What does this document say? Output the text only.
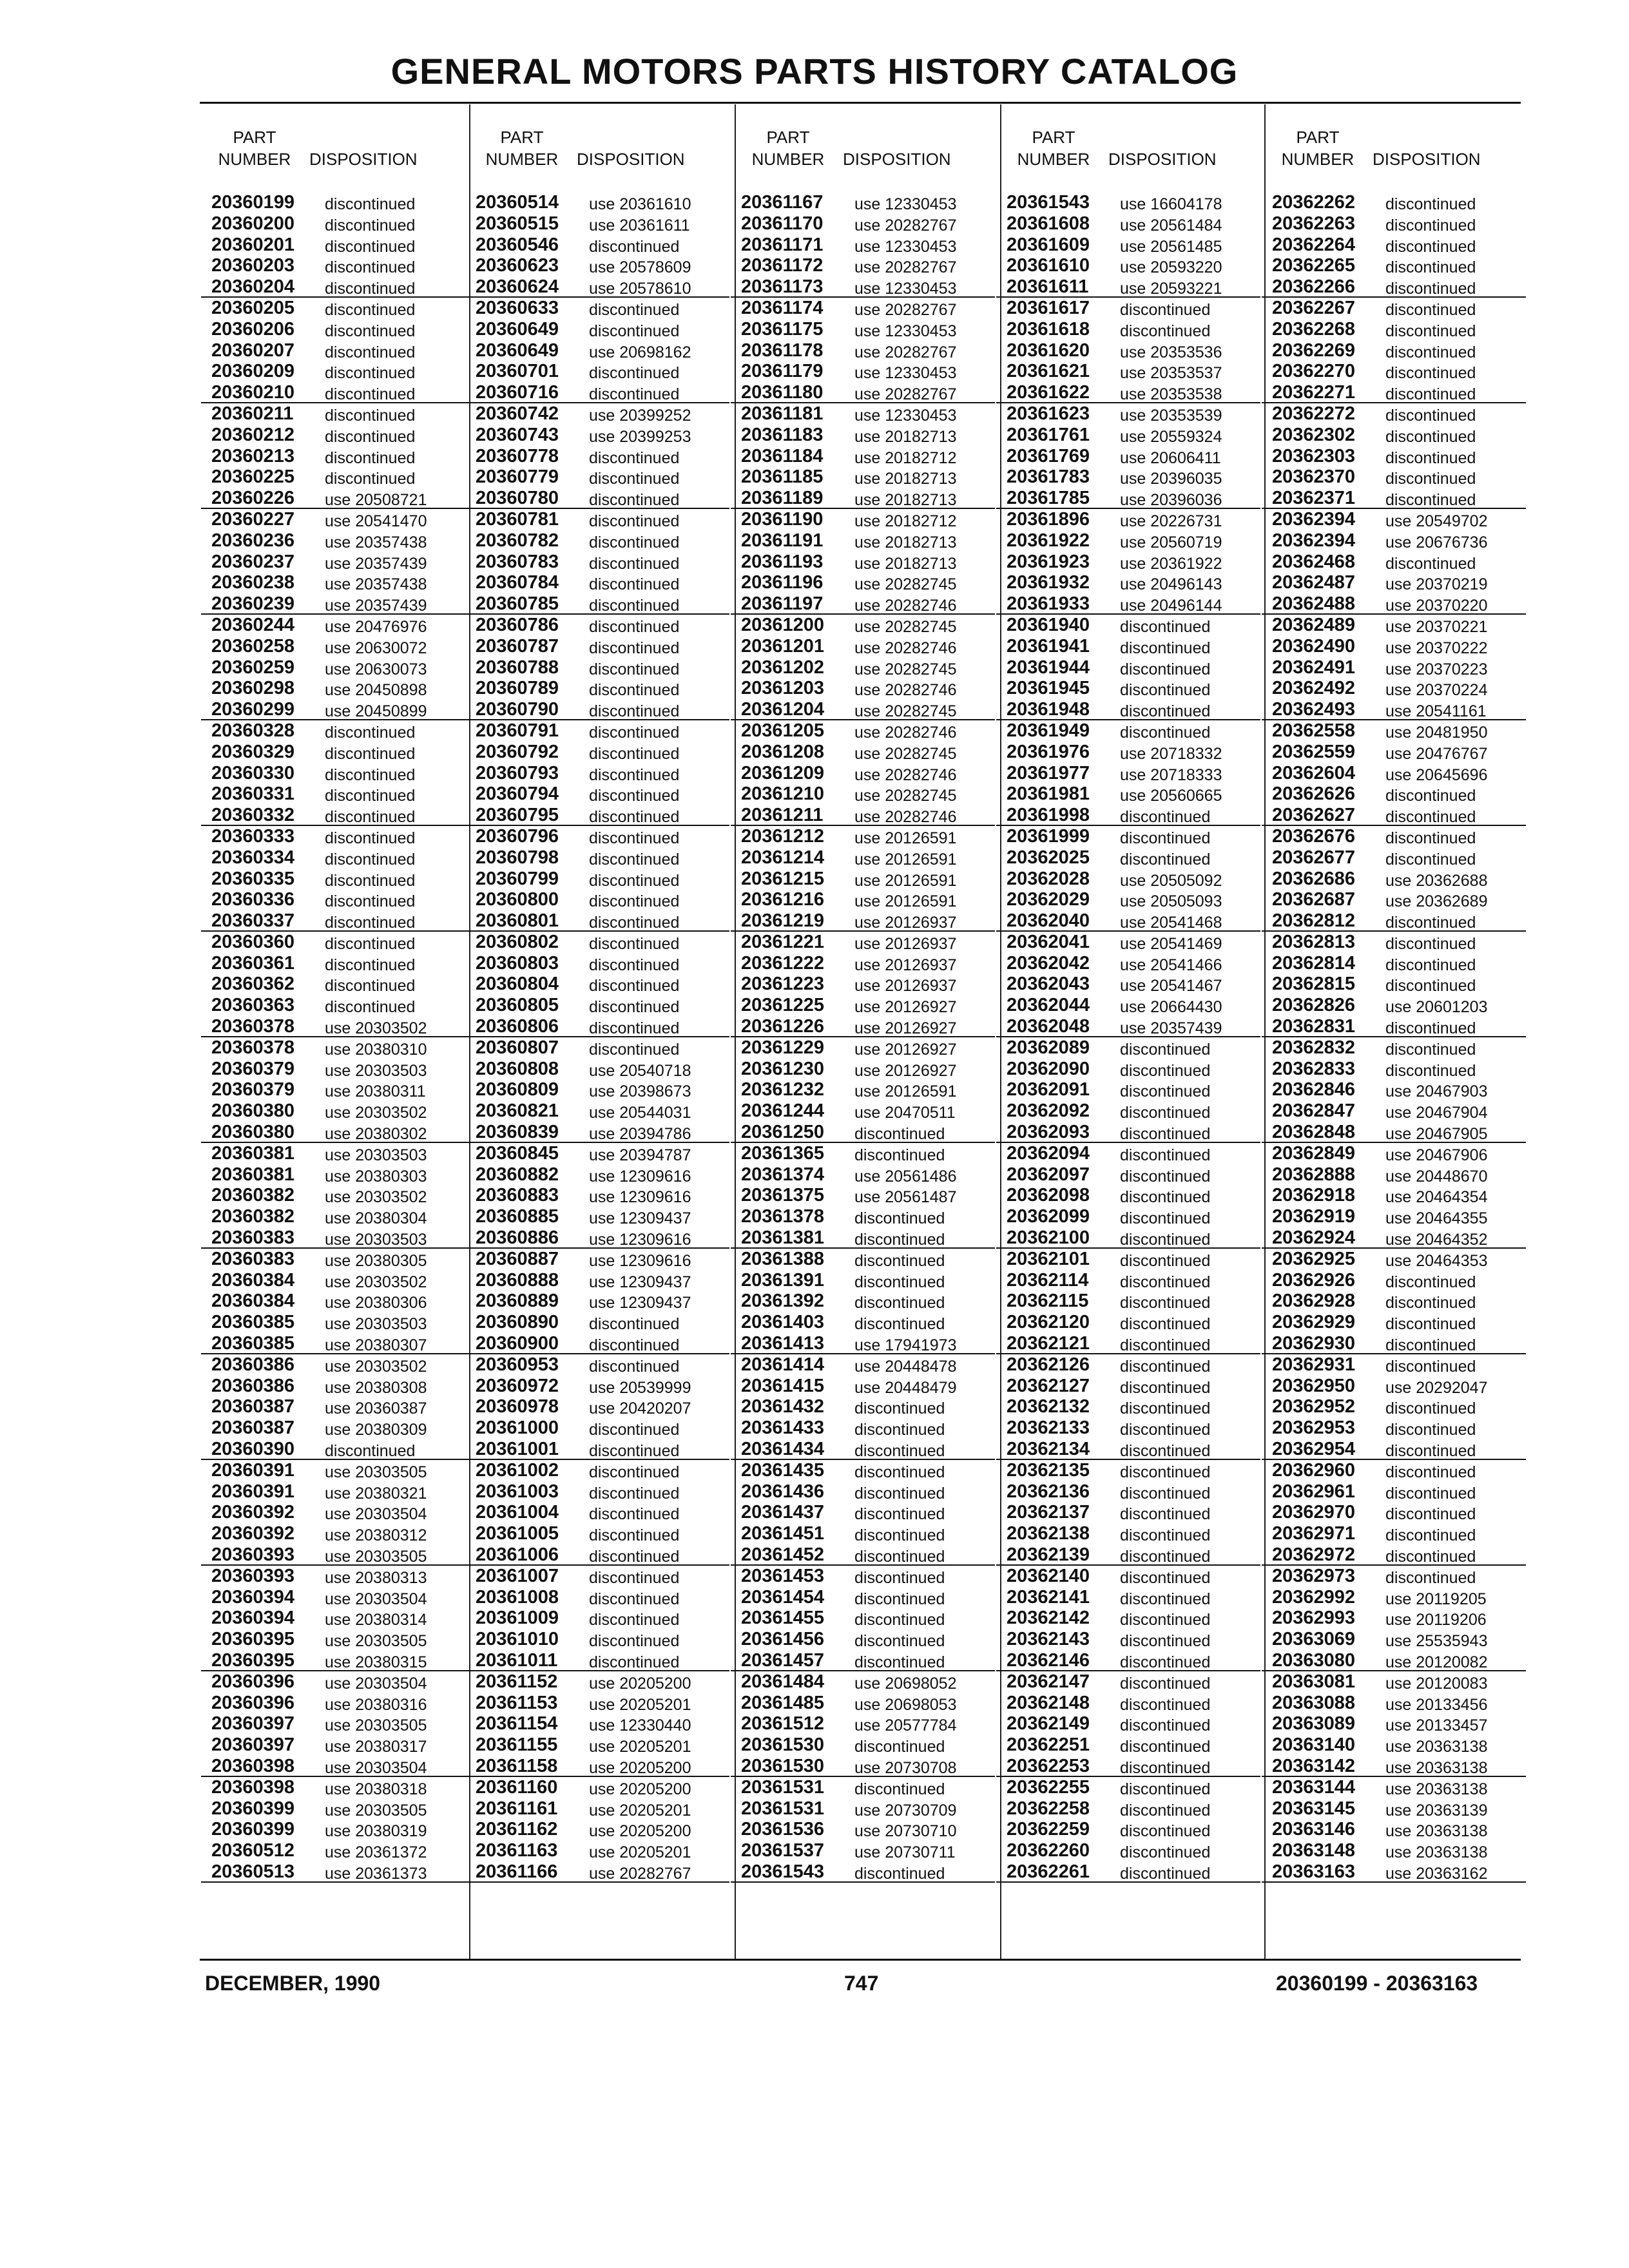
GENERAL MOTORS PARTS HISTORY CATALOG
PART
NUMBER	DISPOSITION
PART
NUMBER	DISPOSITION
PART
NUMBER	DISPOSITION
PART
NUMBER	DISPOSITION
PART
NUMBER	DISPOSITION
20360199 discontinued
20360200 discontinued
20360201 discontinued
20360203 discontinued
20360204 discontinued
20360205 discontinued
20360206 discontinued
20360207 discontinued
20360209 discontinued
20360210 discontinued
20360211 discontinued
20360212 discontinued
20360213 discontinued
20360225 discontinued
20360226 use 20508721
20360227 use 20541470
20360236 use 20357438
20360237 use 20357439
20360238 use 20357438
20360239 use 20357439
20360244 use 20476976
20360258 use 20630072
20360259 use 20630073
20360298 use 20450898
20360299 use 20450899
20360328 discontinued
20360329 discontinued
20360330 discontinued
20360331 discontinued
20360332 discontinued
20360333 discontinued
20360334 discontinued
20360335 discontinued
20360336 discontinued
20360337 discontinued
20360360 discontinued
20360361 discontinued
20360362 discontinued
20360363 discontinued
20360378 use 20303502
20360378 use 20380310
20360379 use 20303503
20360379 use 20380311
20360380 use 20303502
20360380 use 20380302
20360381 use 20303503
20360381 use 20380303
20360382 use 20303502
20360382 use 20380304
20360383 use 20303503
20360383 use 20380305
20360384 use 20303502
20360384 use 20380306
20360385 use 20303503
20360385 use 20380307
20360386 use 20303502
20360386 use 20380308
20360387 use 20360387
20360387 use 20380309
20360390 discontinued
20360391 use 20303505
20360391 use 20380321
20360392 use 20303504
20360392 use 20380312
20360393 use 20303505
20360393 use 20380313
20360394 use 20303504
20360394 use 20380314
20360395 use 20303505
20360395 use 20380315
20360396 use 20303504
20360396 use 20380316
20360397 use 20303505
20360397 use 20380317
20360398 use 20303504
20360398 use 20380318
20360399 use 20303505
20360399 use 20380319
20360512 use 20361372
20360513 use 20361373
20360514 use 20361610
20360515 use 20361611
20360546 discontinued
20360623 use 20578609
20360624 use 20578610
20360633 discontinued
20360649 discontinued
20360649 use 20698162
20360701 discontinued
20360716 discontinued
20360742 use 20399252
20360743 use 20399253
20360778 discontinued
20360779 discontinued
20360780 discontinued
20360781 discontinued
20360782 discontinued
20360783 discontinued
20360784 discontinued
20360785 discontinued
20360786 discontinued
20360787 discontinued
20360788 discontinued
20360789 discontinued
20360790 discontinued
20360791 discontinued
20360792 discontinued
20360793 discontinued
20360794 discontinued
20360795 discontinued
20360796 discontinued
20360798 discontinued
20360799 discontinued
20360800 discontinued
20360801 discontinued
20360802 discontinued
20360803 discontinued
20360804 discontinued
20360805 discontinued
20360806 discontinued
20360807 discontinued
20360808 use 20540718
20360809 use 20398673
20360821 use 20544031
20360839 use 20394786
20360845 use 20394787
20360882 use 12309616
20360883 use 12309616
20360885 use 12309437
20360886 use 12309616
20360887 use 12309616
20360888 use 12309437
20360889 use 12309437
20360890 discontinued
20360900 discontinued
20360953 discontinued
20360972 use 20539999
20360978 use 20420207
20361000 discontinued
20361001 discontinued
20361002 discontinued
20361003 discontinued
20361004 discontinued
20361005 discontinued
20361006 discontinued
20361007 discontinued
20361008 discontinued
20361009 discontinued
20361010 discontinued
20361011 discontinued
20361152 use 20205200
20361153 use 20205201
20361154 use 12330440
20361155 use 20205201
20361158 use 20205200
20361160 use 20205200
20361161 use 20205201
20361162 use 20205200
20361163 use 20205201
20361166 use 20282767
20361167 use 12330453
20361170 use 20282767
20361171 use 12330453
20361172 use 20282767
20361173 use 12330453
20361174 use 20282767
20361175 use 12330453
20361178 use 20282767
20361179 use 12330453
20361180 use 20282767
20361181 use 12330453
20361183 use 20182713
20361184 use 20182712
20361185 use 20182713
20361189 use 20182713
20361190 use 20182712
20361191 use 20182713
20361193 use 20182713
20361196 use 20282745
20361197 use 20282746
20361200 use 20282745
20361201 use 20282746
20361202 use 20282745
20361203 use 20282746
20361204 use 20282745
20361205 use 20282746
20361208 use 20282745
20361209 use 20282746
20361210 use 20282745
20361211 use 20282746
20361212 use 20126591
20361214 use 20126591
20361215 use 20126591
20361216 use 20126591
20361219 use 20126937
20361221 use 20126937
20361222 use 20126937
20361223 use 20126937
20361225 use 20126927
20361226 use 20126927
20361229 use 20126927
20361230 use 20126927
20361232 use 20126591
20361244 use 20470511
20361250 discontinued
20361365 discontinued
20361374 use 20561486
20361375 use 20561487
20361378 discontinued
20361381 discontinued
20361388 discontinued
20361391 discontinued
20361392 discontinued
20361403 discontinued
20361413 use 17941973
20361414 use 20448478
20361415 use 20448479
20361432 discontinued
20361433 discontinued
20361434 discontinued
20361435 discontinued
20361436 discontinued
20361437 discontinued
20361451 discontinued
20361452 discontinued
20361453 discontinued
20361454 discontinued
20361455 discontinued
20361456 discontinued
20361457 discontinued
20361484 use 20698052
20361485 use 20698053
20361512 use 20577784
20361530 discontinued
20361530 use 20730708
20361531 discontinued
20361531 use 20730709
20361536 use 20730710
20361537 use 20730711
20361543 discontinued
20361543 use 16604178
20361608 use 20561484
20361609 use 20561485
20361610 use 20593220
20361611 use 20593221
20361617 discontinued
20361618 discontinued
20361620 use 20353536
20361621 use 20353537
20361622 use 20353538
20361623 use 20353539
20361761 use 20559324
20361769 use 20606411
20361783 use 20396035
20361785 use 20396036
20361896 use 20226731
20361922 use 20560719
20361923 use 20361922
20361932 use 20496143
20361933 use 20496144
20361940 discontinued
20361941 discontinued
20361944 discontinued
20361945 discontinued
20361948 discontinued
20361949 discontinued
20361976 use 20718332
20361977 use 20718333
20361981 use 20560665
20361998 discontinued
20361999 discontinued
20362025 discontinued
20362028 use 20505092
20362029 use 20505093
20362040 use 20541468
20362041 use 20541469
20362042 use 20541466
20362043 use 20541467
20362044 use 20664430
20362048 use 20357439
20362089 discontinued
20362090 discontinued
20362091 discontinued
20362092 discontinued
20362093 discontinued
20362094 discontinued
20362097 discontinued
20362098 discontinued
20362099 discontinued
20362100 discontinued
20362101 discontinued
20362114 discontinued
20362115 discontinued
20362120 discontinued
20362121 discontinued
20362126 discontinued
20362127 discontinued
20362132 discontinued
20362133 discontinued
20362134 discontinued
20362135 discontinued
20362136 discontinued
20362137 discontinued
20362138 discontinued
20362139 discontinued
20362140 discontinued
20362141 discontinued
20362142 discontinued
20362143 discontinued
20362146 discontinued
20362147 discontinued
20362148 discontinued
20362149 discontinued
20362251 discontinued
20362253 discontinued
20362255 discontinued
20362258 discontinued
20362259 discontinued
20362260 discontinued
20362261 discontinued
20362262 discontinued
20362263 discontinued
20362264 discontinued
20362265 discontinued
20362266 discontinued
20362267 discontinued
20362268 discontinued
20362269 discontinued
20362270 discontinued
20362271 discontinued
20362272 discontinued
20362302 discontinued
20362303 discontinued
20362370 discontinued
20362371 discontinued
20362394 use 20549702
20362394 use 20676736
20362468 discontinued
20362487 use 20370219
20362488 use 20370220
20362489 use 20370221
20362490 use 20370222
20362491 use 20370223
20362492 use 20370224
20362493 use 20541161
20362558 use 20481950
20362559 use 20476767
20362604 use 20645696
20362626 discontinued
20362627 discontinued
20362676 discontinued
20362677 discontinued
20362686 use 20362688
20362687 use 20362689
20362812 discontinued
20362813 discontinued
20362814 discontinued
20362815 discontinued
20362826 use 20601203
20362831 discontinued
20362832 discontinued
20362833 discontinued
20362846 use 20467903
20362847 use 20467904
20362848 use 20467905
20362849 use 20467906
20362888 use 20448670
20362918 use 20464354
20362919 use 20464355
20362924 use 20464352
20362925 use 20464353
20362926 discontinued
20362928 discontinued
20362929 discontinued
20362930 discontinued
20362931 discontinued
20362950 use 20292047
20362952 discontinued
20362953 discontinued
20362954 discontinued
20362960 discontinued
20362961 discontinued
20362970 discontinued
20362971 discontinued
20362972 discontinued
20362973 discontinued
20362992 use 20119205
20362993 use 20119206
20363069 use 25535943
20363080 use 20120082
20363081 use 20120083
20363088 use 20133456
20363089 use 20133457
20363140 use 20363138
20363142 use 20363138
20363144 use 20363138
20363145 use 20363139
20363146 use 20363138
20363148 use 20363138
20363163 use 20363162
DECEMBER, 1990	747	20360199 - 20363163
